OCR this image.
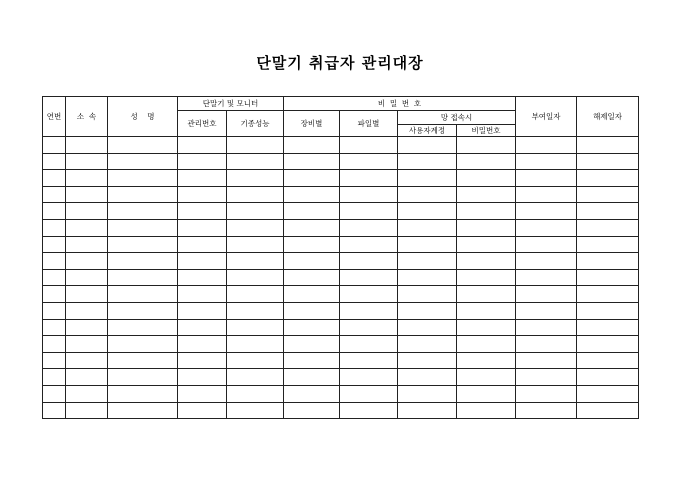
단말기 취급자 관리대장
연번	소  속	성    명	단말기 및 모니터		비  밀  번  호				부여일자	해제일자
			관리번호	기종성능	장비별	파일별	망 접속시			
							사용자계정	비밀번호		
